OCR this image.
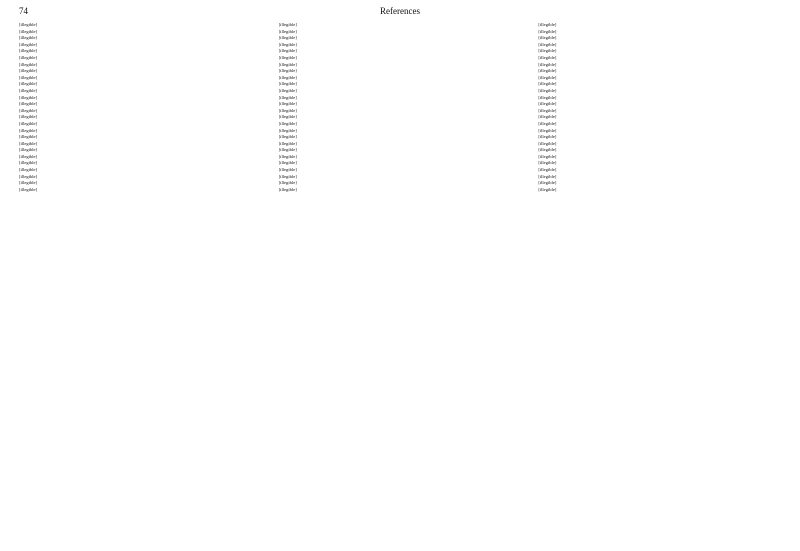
74	References

[illegible]

[illegible]

[illegible]

[illegible]

[illegible]

[illegible]

[illegible]

[illegible]

[illegible]

[illegible]

[illegible]

[illegible]

[illegible]

[illegible]

[illegible]

[illegible]

[illegible]

[illegible]

[illegible]

[illegible]

[illegible]

[illegible]

[illegible]

[illegible]

[illegible]

[illegible]

[illegible]

[illegible]

[illegible]

[illegible]

[illegible]

[illegible]

[illegible]

[illegible]

[illegible]

[illegible]

[illegible]

[illegible]

[illegible]

[illegible]

[illegible]

[illegible]

[illegible]

[illegible]

[illegible]

[illegible]

[illegible]

[illegible]

[illegible]

[illegible]

[illegible]

[illegible]

[illegible]

[illegible]

[illegible]

[illegible]

[illegible]

[illegible]

[illegible]

[illegible]

[illegible]

[illegible]

[illegible]

[illegible]

[illegible]

[illegible]

[illegible]

[illegible]

[illegible]

[illegible]

[illegible]

[illegible]

[illegible]

[illegible]

[illegible]

[illegible]

[illegible]

[illegible]
